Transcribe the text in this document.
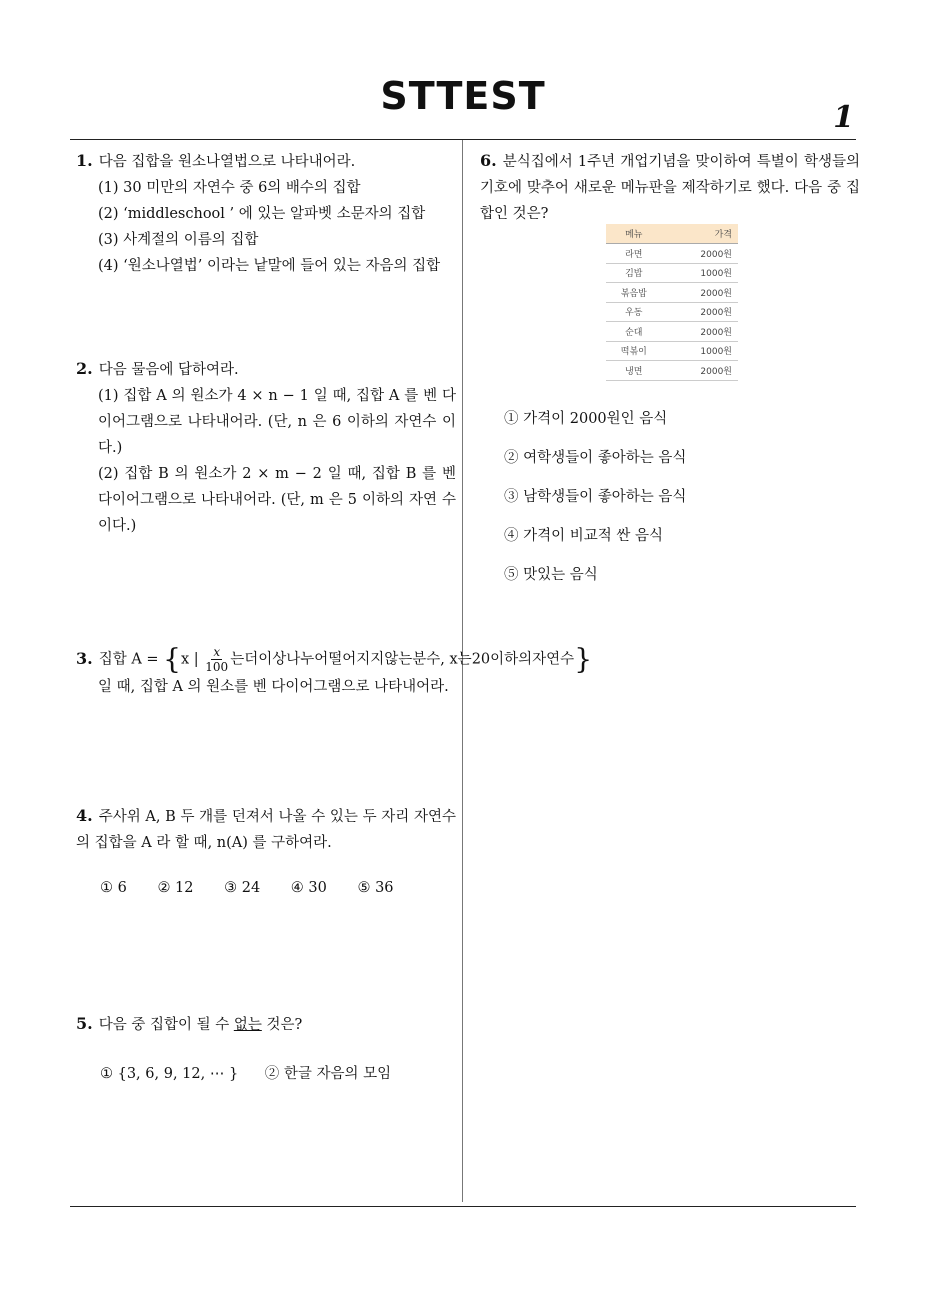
STTEST	1
1. 다음 집합을 원소나열법으로 나타내어라.
(1) 30 미만의 자연수 중 6의 배수의 집합
(2) ‘middleschool ’ 에 있는 알파벳 소문자의 집합
(3) 사계절의 이름의 집합
(4) ‘원소나열법’ 이라는 낱말에 들어 있는 자음의 집합
2. 다음 물음에 답하여라.
(1) 집합 A 의 원소가 4 × n − 1 일 때, 집합 A 를 벤 다이어그램으로 나타내어라. (단, n 은 6 이하의 자연수 이다.)
(2) 집합 B 의 원소가 2 × m − 2 일 때, 집합 B 를 벤 다이어그램으로 나타내어라. (단, m 은 5 이하의 자연 수이다.)
3. 집합 A = {x | $\frac{x}{100}$ 는더이상나누어떨어지지않는분수, x는20이하의자연수}
일 때, 집합 A 의 원소를 벤 다이어그램으로 나타내어라.
4. 주사위 A, B 두 개를 던져서 나올 수 있는 두 자리 자연수의 집합을 A 라 할 때, n(A) 를 구하여라.
① 6 ② 12 ③ 24 ④ 30 ⑤ 36
5. 다음 중 집합이 될 수 없는 것은?
① {3, 6, 9, 12, ⋯ } ② 한글 자음의 모임
6. 분식집에서 1주년 개업기념을 맞이하여 특별이 학생들의 기호에 맞추어 새로운 메뉴판을 제작하기로 했다. 다음 중 집합인 것은?
메뉴	가격
라면	2000원
김밥	1000원
볶음밥	2000원
우동	2000원
순대	2000원
떡볶이	1000원
냉면	2000원
① 가격이 2000원인 음식
② 여학생들이 좋아하는 음식
③ 남학생들이 좋아하는 음식
④ 가격이 비교적 싼 음식
⑤ 맛있는 음식
